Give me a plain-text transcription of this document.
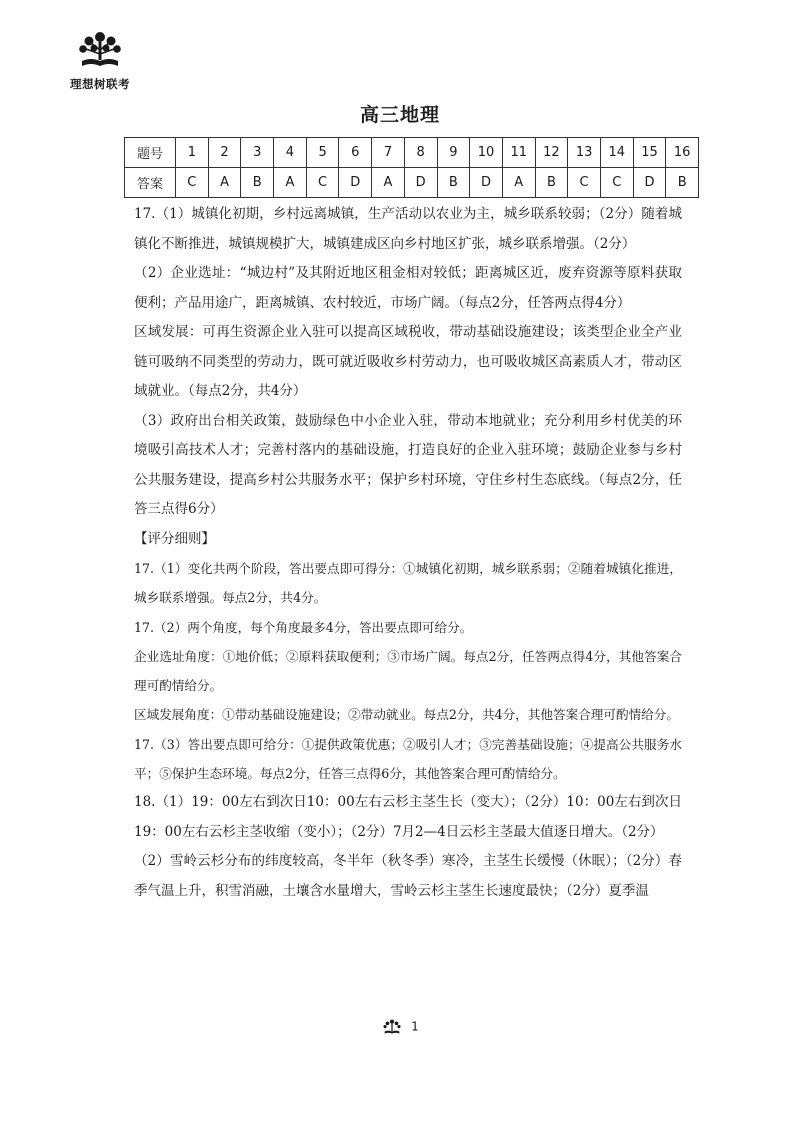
理想树联考
高三地理
题号	1	2	3	4	5	6	7	8	9	10	11	12	13	14	15	16
答案	C	A	B	A	C	D	A	D	B	D	A	B	C	C	D	B

17.（1）城镇化初期，乡村远离城镇，生产活动以农业为主，城乡联系较弱；（2分）随着城镇化不断推进，城镇规模扩大，城镇建成区向乡村地区扩张，城乡联系增强。（2分）

（2）企业选址：“城边村”及其附近地区租金相对较低；距离城区近，废弃资源等原料获取便利；产品用途广，距离城镇、农村较近，市场广阔。（每点2分，任答两点得4分）

区域发展：可再生资源企业入驻可以提高区域税收，带动基础设施建设；该类型企业全产业链可吸纳不同类型的劳动力，既可就近吸收乡村劳动力，也可吸收城区高素质人才，带动区域就业。（每点2分，共4分）

（3）政府出台相关政策，鼓励绿色中小企业入驻，带动本地就业；充分利用乡村优美的环境吸引高技术人才；完善村落内的基础设施，打造良好的企业入驻环境；鼓励企业参与乡村公共服务建设，提高乡村公共服务水平；保护乡村环境，守住乡村生态底线。（每点2分，任答三点得6分）

【评分细则】

17.（1）变化共两个阶段，答出要点即可得分：①城镇化初期，城乡联系弱；②随着城镇化推进，城乡联系增强。每点2分，共4分。

17.（2）两个角度，每个角度最多4分，答出要点即可给分。

企业选址角度：①地价低；②原料获取便利；③市场广阔。每点2分，任答两点得4分，其他答案合理可酌情给分。

区域发展角度：①带动基础设施建设；②带动就业。每点2分，共4分，其他答案合理可酌情给分。

17.（3）答出要点即可给分：①提供政策优惠；②吸引人才；③完善基础设施；④提高公共服务水平；⑤保护生态环境。每点2分，任答三点得6分，其他答案合理可酌情给分。

18.（1）19：00左右到次日10：00左右云杉主茎生长（变大）；（2分）10：00左右到次日19：00左右云杉主茎收缩（变小）；（2分）7月2—4日云杉主茎最大值逐日增大。（2分）

（2）雪岭云杉分布的纬度较高，冬半年（秋冬季）寒冷，主茎生长缓慢（休眠）；（2分）春季气温上升，积雪消融，土壤含水量增大，雪岭云杉主茎生长速度最快；（2分）夏季温

1
